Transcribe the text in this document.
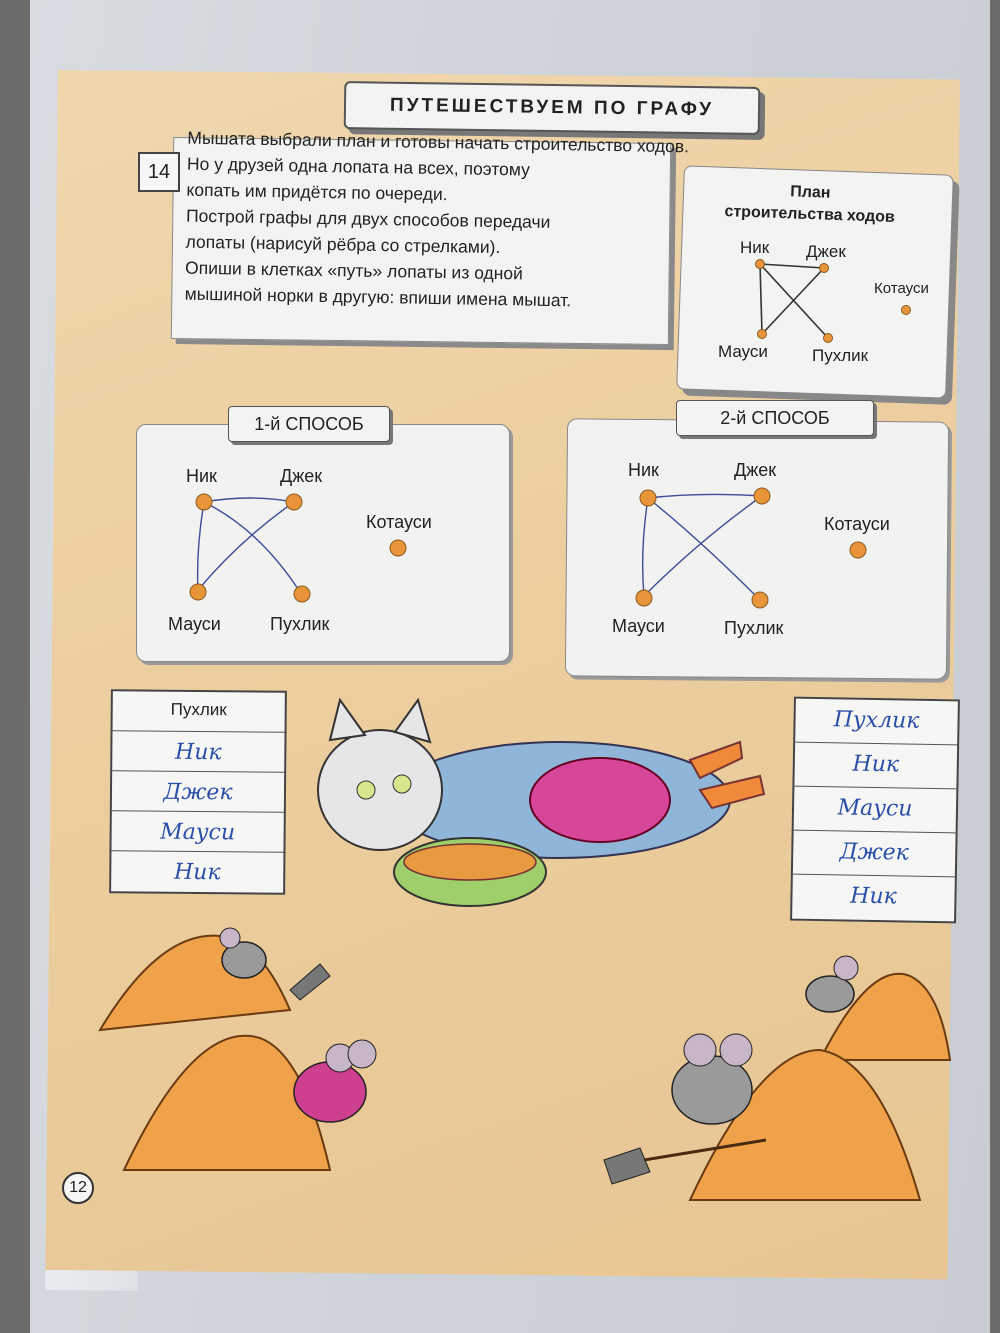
ПУТЕШЕСТВУЕМ ПО ГРАФУ
14
Мышата выбрали план и готовы начать строительство ходов.
Но у друзей одна лопата на всех, поэтому
копать им придётся по очереди.
Построй графы для двух способов передачи
лопаты (нарисуй рёбра со стрелками).
Опиши в клетках «путь» лопаты из одной
мышиной норки в другую: впиши имена мышат.
План
строительства ходов
Ник Джек
Котауси
Мауси	Пухлик
1-й СПОСОБ
Ник	Джек
Котауси
Мауси	Пухлик
2-й СПОСОБ
Ник	Джек
Котауси
Мауси	Пухлик
Пухлик
Ник
Джек
Мауси
Ник
Пухлик
Ник
Мауси
Джек
Ник
12
